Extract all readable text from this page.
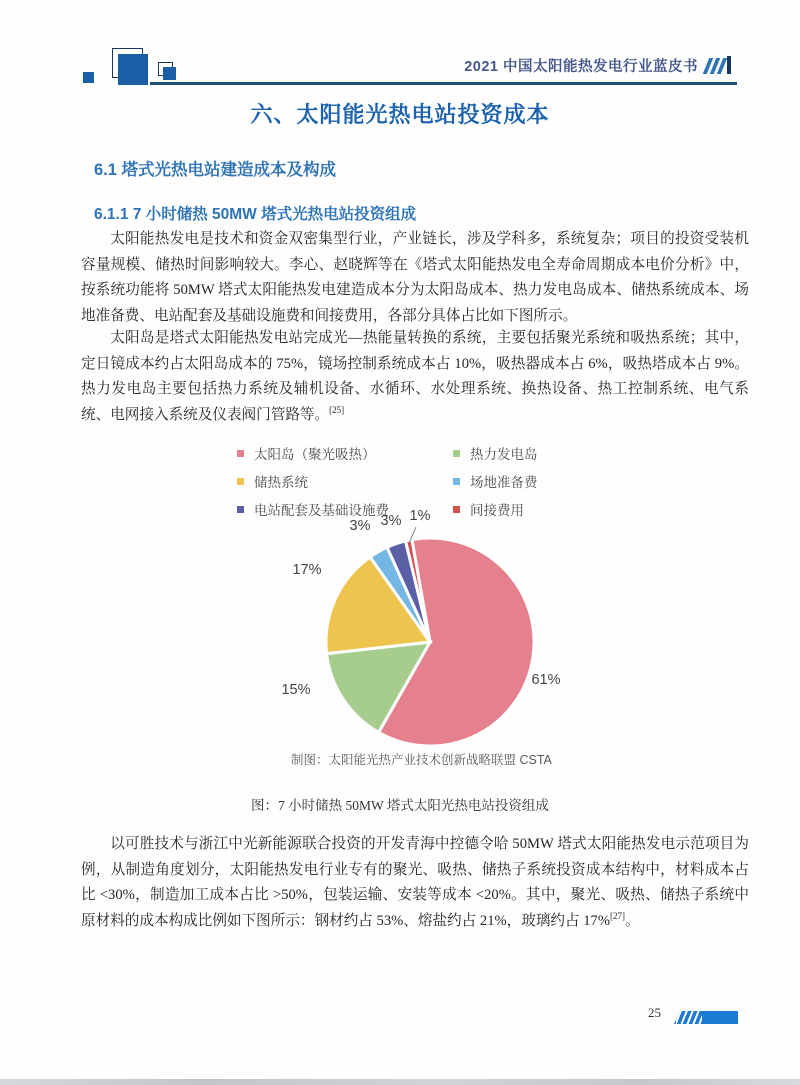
2021 中国太阳能热发电行业蓝皮书
六、太阳能光热电站投资成本
6.1 塔式光热电站建造成本及构成
6.1.1 7 小时储热 50MW 塔式光热电站投资组成

太阳能热发电是技术和资金双密集型行业，产业链长，涉及学科多，系统复杂；项目的投资受装机容量规模、储热时间影响较大。李心、赵晓辉等在《塔式太阳能热发电全寿命周期成本电价分析》中，按系统功能将 50MW 塔式太阳能热发电建造成本分为太阳岛成本、热力发电岛成本、储热系统成本、场地准备费、电站配套及基础设施费和间接费用，各部分具体占比如下图所示。

太阳岛是塔式太阳能热发电站完成光—热能量转换的系统，主要包括聚光系统和吸热系统；其中，定日镜成本约占太阳岛成本的 75%，镜场控制系统成本占 10%，吸热器成本占 6%，吸热塔成本占 9%。热力发电岛主要包括热力系统及辅机设备、水循环、水处理系统、换热设备、热工控制系统、电气系统、电网接入系统及仪表阀门管路等。[25]

太阳岛（聚光吸热）	热力发电岛
储热系统	场地准备费
电站配套及基础设施费	间接费用
61%
15%
17%
3% 3% 1%
制图：太阳能光热产业技术创新战略联盟 CSTA
图：7 小时储热 50MW 塔式太阳光热电站投资组成

以可胜技术与浙江中光新能源联合投资的开发青海中控德令哈 50MW 塔式太阳能热发电示范项目为例，从制造角度划分，太阳能热发电行业专有的聚光、吸热、储热子系统投资成本结构中，材料成本占比 <30%，制造加工成本占比 >50%，包装运输、安装等成本 <20%。其中，聚光、吸热、储热子系统中原材料的成本构成比例如下图所示：钢材约占 53%、熔盐约占 21%，玻璃约占 17%[27]。

25
